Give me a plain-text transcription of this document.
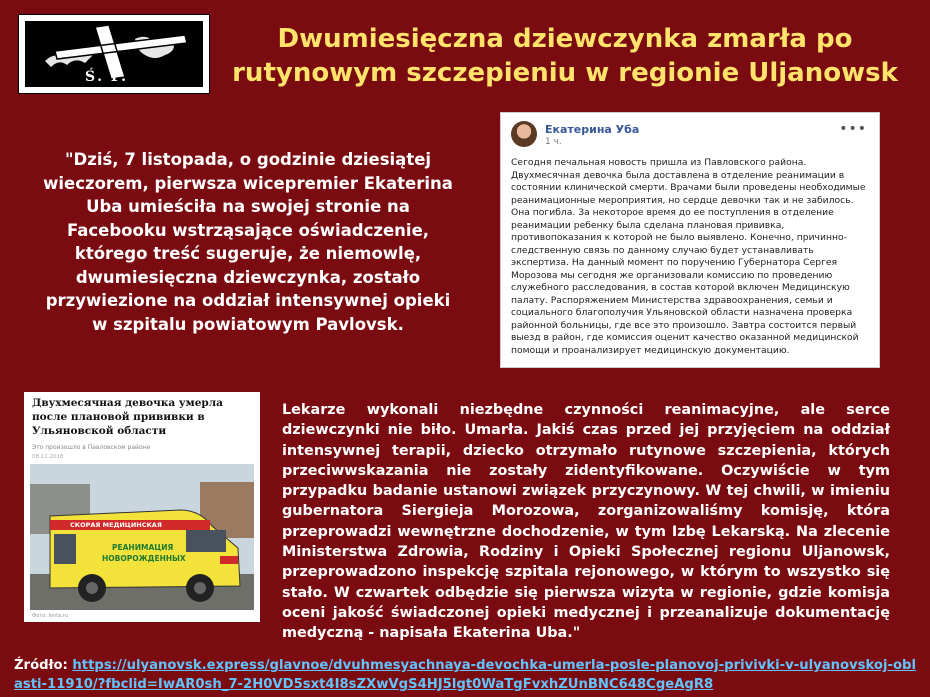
Ś. P.
Dwumiesięczna dziewczynka zmarła po
rutynowym szczepieniu w regionie Uljanowsk
"Dziś, 7 listopada, o godzinie dziesiątej wieczorem, pierwsza wicepremier Ekaterina Uba umieściła na swojej stronie na Facebooku wstrząsające oświadczenie, którego treść sugeruje, że niemowlę, dwumiesięczna dziewczynka, zostało przywiezione na oddział intensywnej opieki w szpitalu powiatowym Pavlovsk.
Екатерина Уба
1 ч.
•••
Сегодня печальная новость пришла из Павловского района. Двухмесячная девочка была доставлена в отделение реанимации в состоянии клинической смерти. Врачами были проведены необходимые реанимационные мероприятия, но сердце девочки так и не забилось. Она погибла. За некоторое время до ее поступления в отделение реанимации ребенку была сделана плановая прививка, противопоказания к которой не было выявлено. Конечно, причинно-следственную связь по данному случаю будет устанавливать экспертиза. На данный момент по поручению Губернатора Сергея Морозова мы сегодня же организовали комиссию по проведению служебного расследования, в состав которой включен Медицинскую палату. Распоряжением Министерства здравоохранения, семьи и социального благополучия Ульяновской области назначена проверка районной больницы, где все это произошло. Завтра состоится первый выезд в район, где комиссия оценит качество оказанной медицинской помощи и проанализирует медицинскую документацию.
Двухмесячная девочка умерла после плановой прививки в Ульяновской области
Это произошло в Павловском районе
08.11.2018
СКОРАЯ МЕДИЦИНСКАЯ
РЕАНИМАЦИЯ
НОВОРОЖДЕННЫХ
Фото: lenta.ru
Lekarze wykonali niezbędne czynności reanimacyjne, ale serce dziewczynki nie biło. Umarła. Jakiś czas przed jej przyjęciem na oddział intensywnej terapii, dziecko otrzymało rutynowe szczepienia, których przeciwwskazania nie zostały zidentyfikowane. Oczywiście w tym przypadku badanie ustanowi związek przyczynowy. W tej chwili, w imieniu gubernatora Siergieja Morozowa, zorganizowaliśmy komisję, która przeprowadzi wewnętrzne dochodzenie, w tym Izbę Lekarską. Na zlecenie Ministerstwa Zdrowia, Rodziny i Opieki Społecznej regionu Uljanowsk, przeprowadzono inspekcję szpitala rejonowego, w którym to wszystko się stało. W czwartek odbędzie się pierwsza wizyta w regionie, gdzie komisja oceni jakość świadczonej opieki medycznej i przeanalizuje dokumentację medyczną - napisała Ekaterina Uba."
Źródło: https://ulyanovsk.express/glavnoe/dvuhmesyachnaya-devochka-umerla-posle-planovoj-privivki-v-ulyanovskoj-oblasti-11910/?fbclid=IwAR0sh_7-2H0VD5sxt4I8sZXwVgS4HJ5lgt0WaTgFvxhZUnBNC648CgeAgR8
